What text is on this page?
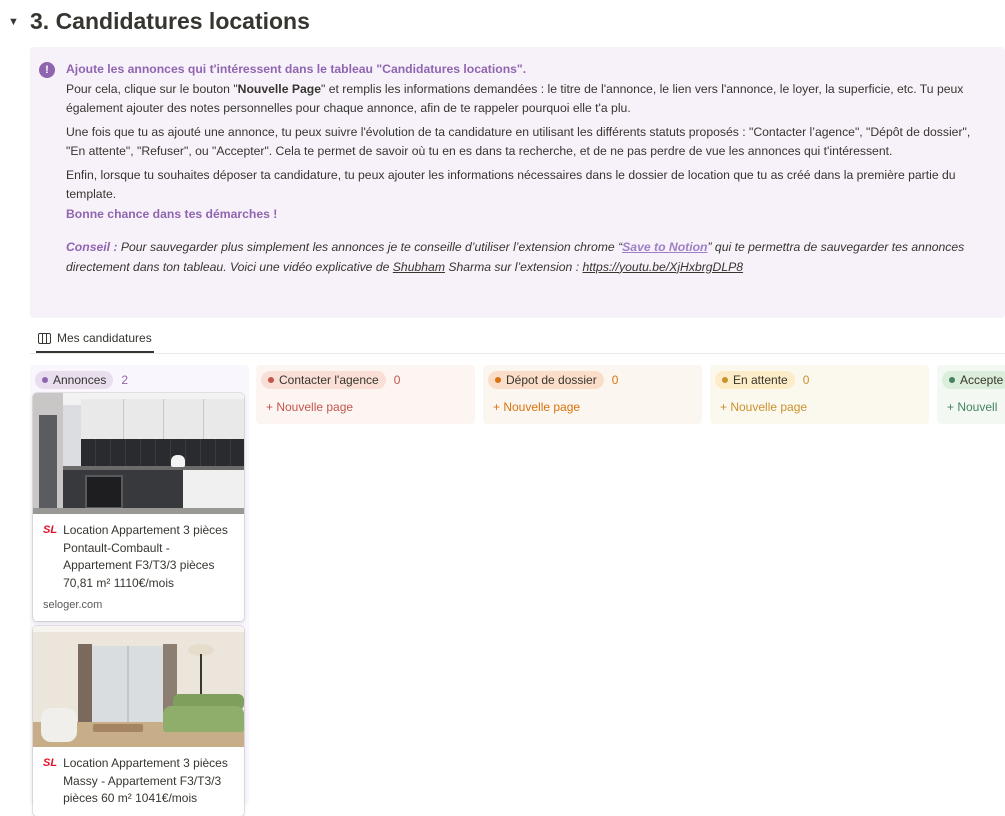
▼ 3. Candidatures locations
!	Ajoute les annonces qui t'intéressent dans le tableau "Candidatures locations".

Pour cela, clique sur le bouton "Nouvelle Page" et remplis les informations demandées : le titre de l'annonce, le lien vers l'annonce, le loyer, la superficie, etc. Tu peux également ajouter des notes personnelles pour chaque annonce, afin de te rappeler pourquoi elle t'a plu.

Une fois que tu as ajouté une annonce, tu peux suivre l'évolution de ta candidature en utilisant les différents statuts proposés : "Contacter l’agence", "Dépôt de dossier", "En attente", "Refuser", ou "Accepter". Cela te permet de savoir où tu en es dans ta recherche, et de ne pas perdre de vue les annonces qui t'intéressent.

Enfin, lorsque tu souhaites déposer ta candidature, tu peux ajouter les informations nécessaires dans le dossier de location que tu as créé dans la première partie du template.

Bonne chance dans tes démarches !

Conseil : Pour sauvegarder plus simplement les annonces je te conseille d’utiliser l’extension chrome “Save to Notion” qui te permettra de sauvegarder tes annonces directement dans ton tableau. Voici une vidéo explicative de Shubham Sharma sur l’extension : https://youtu.be/XjHxbrgDLP8

Mes candidatures
Annonces 2	Contacter l'agence 0
+ Nouvelle page
Dépot de dossier 0
+ Nouvelle page
En attente 0
+ Nouvelle page
Accepte
+ Nouvell
SL Location Appartement 3 pièces Pontault-Combault - Appartement F3/T3/3 pièces 70,81 m² 1110€/mois
seloger.com
SL Location Appartement 3 pièces Massy - Appartement F3/T3/3 pièces 60 m² 1041€/mois
